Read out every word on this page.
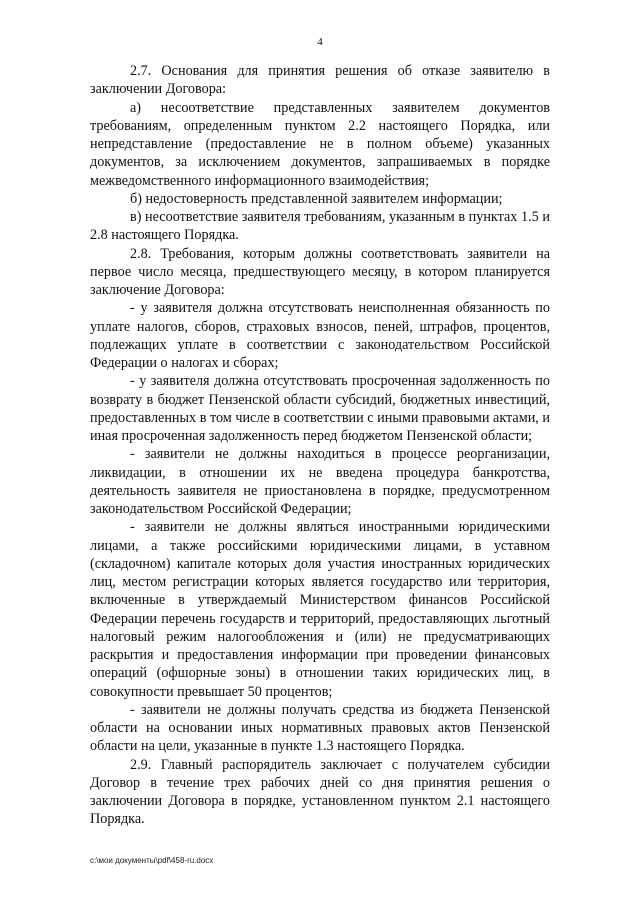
4

2.7. Основания для принятия решения об отказе заявителю в заключении Договора:

а) несоответствие представленных заявителем документов требованиям, определенным пунктом 2.2 настоящего Порядка, или непредставление (предоставление не в полном объеме) указанных документов, за исключением документов, запрашиваемых в порядке межведомственного информационного взаимодействия;

б) недостоверность представленной заявителем информации;

в) несоответствие заявителя требованиям, указанным в пунктах 1.5 и 2.8 настоящего Порядка.

2.8. Требования, которым должны соответствовать заявители на первое число месяца, предшествующего месяцу, в котором планируется заключение Договора:

- у заявителя должна отсутствовать неисполненная обязанность по уплате налогов, сборов, страховых взносов, пеней, штрафов, процентов, подлежащих уплате в соответствии с законодательством Российской Федерации о налогах и сборах;

- у заявителя должна отсутствовать просроченная задолженность по возврату в бюджет Пензенской области субсидий, бюджетных инвестиций, предоставленных в том числе в соответствии с иными правовыми актами, и иная просроченная задолженность перед бюджетом Пензенской области;

- заявители не должны находиться в процессе реорганизации, ликвидации, в отношении их не введена процедура банкротства, деятельность заявителя не приостановлена в порядке, предусмотренном законодательством Российской Федерации;

- заявители не должны являться иностранными юридическими лицами, а также российскими юридическими лицами, в уставном (складочном) капитале которых доля участия иностранных юридических лиц, местом регистрации которых является государство или территория, включенные в утверждаемый Министерством финансов Российской Федерации перечень государств и территорий, предоставляющих льготный налоговый режим налогообложения и (или) не предусматривающих раскрытия и предоставления информации при проведении финансовых операций (офшорные зоны) в отношении таких юридических лиц, в совокупности превышает 50 процентов;

- заявители не должны получать средства из бюджета Пензенской области на основании иных нормативных правовых актов Пензенской области на цели, указанные в пункте 1.3 настоящего Порядка.

2.9. Главный распорядитель заключает с получателем субсидии Договор в течение трех рабочих дней со дня принятия решения о заключении Договора в порядке, установленном пунктом 2.1 настоящего Порядка.

c:\мои документы\pdf\458-ru.docx
